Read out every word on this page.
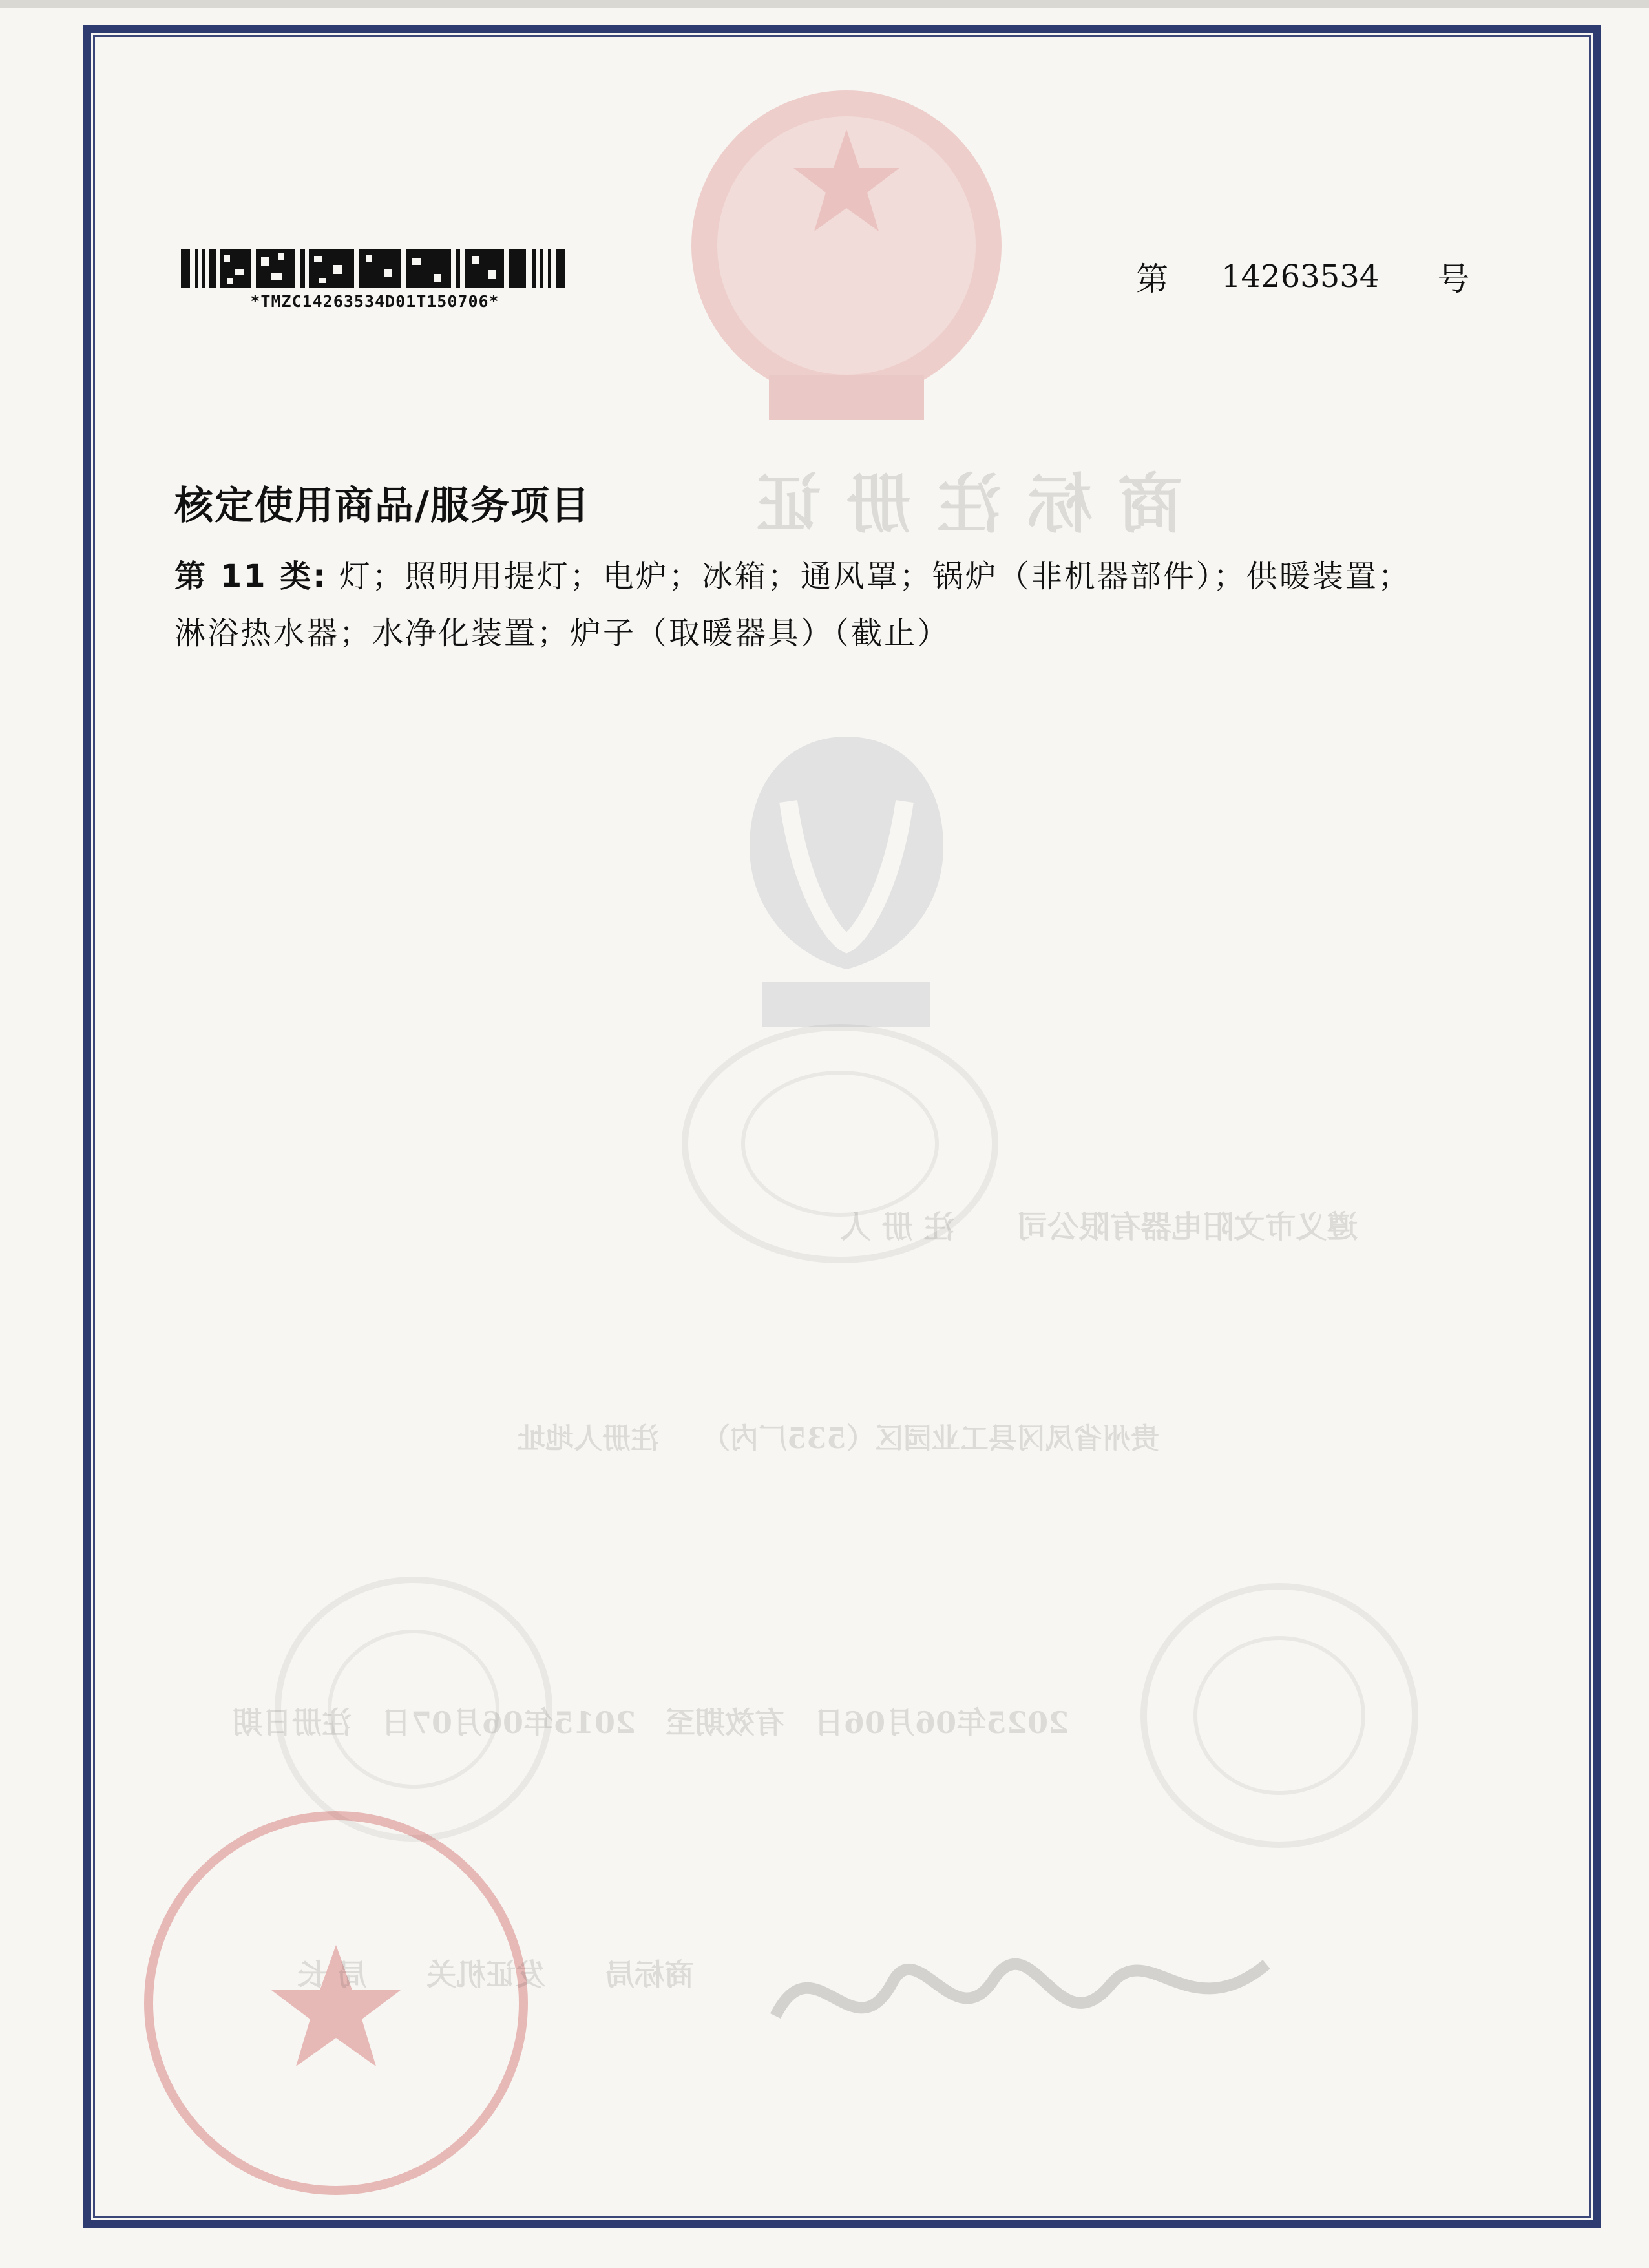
商标注册证
遵义市文阳电器有限公司　　注 册 人
贵州省凤冈县工业园区（535厂内）　　注册人地址
2025年06月06日　有效期至　2015年06月07日　注册日期
商标局　　发证机关　　局 长
*TMZC14263534D01T150706*
第 14263534 号
核定使用商品/服务项目
第 11 类: 灯；照明用提灯；电炉；冰箱；通风罩；锅炉（非机器部件）；供暖装置；
淋浴热水器；水净化装置；炉子（取暖器具）（截止）
